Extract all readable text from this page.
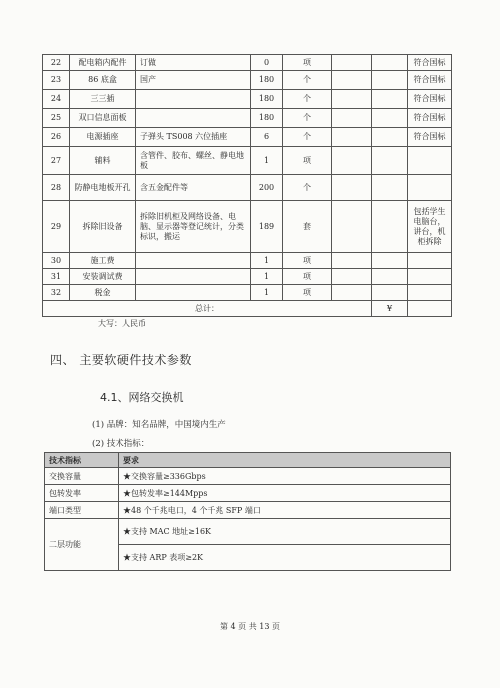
22	配电箱内配件	订做	0	项			符合国标
23	86 底盒	国产	180	个			符合国标
24	三三插		180	个			符合国标
25	双口信息面板		180	个			符合国标
26	电源插座	子弹头 TS008 六位插座	6	个			符合国标
27	辅料	含管件、胶布、螺丝、静电地板	1	项			
28	防静电地板开孔	含五金配件等	200	个			
29	拆除旧设备	拆除旧机柜及网络设备、电脑、显示器等登记统计，分类标识，搬运	189	套			包括学生电脑台，讲台，机柜拆除
30	施工费		1	项			
31	安装调试费		1	项			
32	税金		1	项			
总计：						¥	
大写：人民币
四、 主要软硬件技术参数
4.1、网络交换机
(1) 品牌：知名品牌，中国境内生产
(2) 技术指标：
技术指标	要求
交换容量	★交换容量≥336Gbps
包转发率	★包转发率≥144Mpps
端口类型	★48 个千兆电口，4 个千兆 SFP 端口
二层功能	★支持 MAC 地址≥16K
	★支持 ARP 表项≥2K
第 4 页 共 13 页
